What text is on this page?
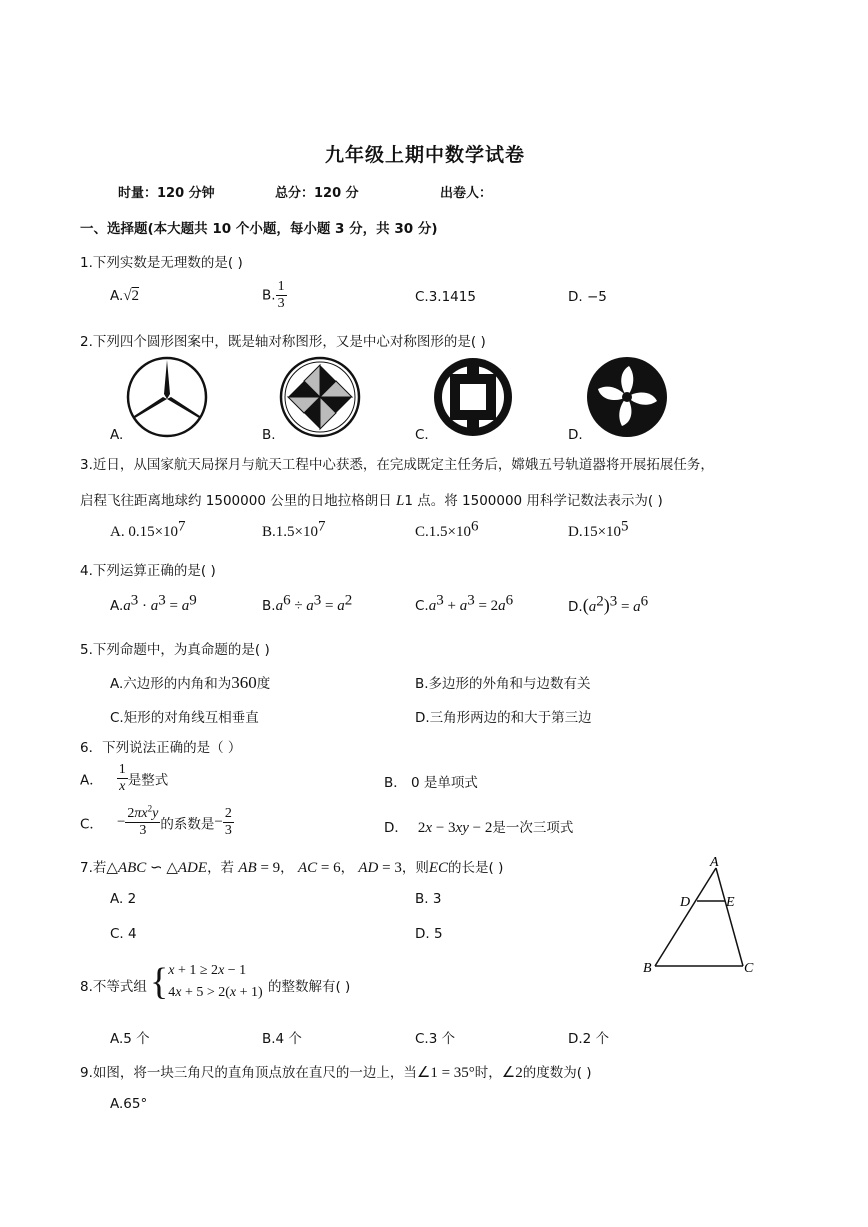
九年级上期中数学试卷
时量：120 分钟	总分：120 分	出卷人：
一、选择题(本大题共 10 个小题，每小题 3 分，共 30 分)
1.下列实数是无理数的是( )
A.√2	B. $\frac{1}{3}$	C.3.1415	D. −5
2.下列四个圆形图案中，既是轴对称图形，又是中心对称图形的是( )
A.	B.	C.	D.
3.近日，从国家航天局探月与航天工程中心获悉，在完成既定主任务后，嫦娥五号轨道器将开展拓展任务，
启程飞往距离地球约 1500000 公里的日地拉格朗日 L1 点。将 1500000 用科学记数法表示为( )
A. $0.15\times 10^7$	$B.1.5\times 10^7$	$C.1.5\times 10^6$	$D.15\times 10^5$
4.下列运算正确的是( )
$A.a^3 \cdot a^3 = a^9$	$B.a^6 \div a^3 = a^2$	$C.a^3 + a^3 = 2a^6$	$D.(a^2)^3 = a^6$
5.下列命题中，为真命题的是( )
A.六边形的内角和为360度	B.多边形的外角和与边数有关
C.矩形的对角线互相垂直	D.三角形两边的和大于第三边
6．下列说法正确的是（ ）
A． $\frac{1}{x}$ 是整式	B． 0 是单项式
C． − $\frac{2\pi x^2y}{3}$ 的系数是− $\frac{2}{3}$	D． 2x − 3xy − 2是一次三项式
7.若△ABC ∽ △ADE，若 AB = 9， AC = 6， AD = 3，则EC的长是( )
A. 2	B. 3
C. 4	D. 5
A
D	E
B	C
8.不等式组 { x + 1 ≥ 2x − 1
4x + 5 > 2(x + 1) 的整数解有( )
A.5 个	B.4 个	C.3 个	D.2 个
9.如图，将一块三角尺的直角顶点放在直尺的一边上，当∠1 = 35°时，∠2的度数为( )
A.65°
